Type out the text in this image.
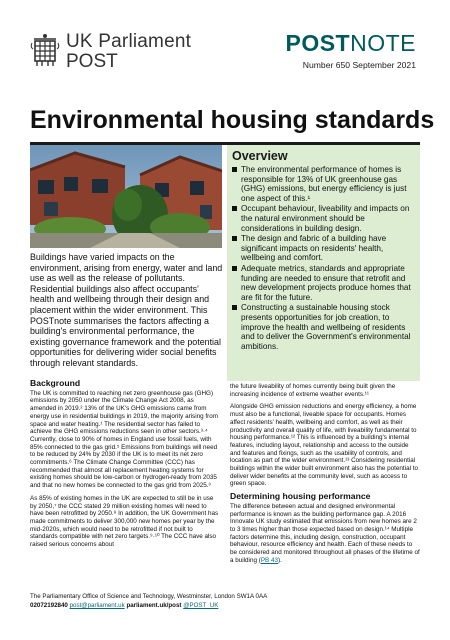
UK Parliament
POST
POSTNOTE
Number 650 September 2021
Environmental housing standards
Overview
The environmental performance of homes is responsible for 13% of UK greenhouse gas (GHG) emissions, but energy efficiency is just one aspect of this.¹
Occupant behaviour, liveability and impacts on the natural environment should be considerations in building design.
The design and fabric of a building have significant impacts on residents' health, wellbeing and comfort.
Adequate metrics, standards and appropriate funding are needed to ensure that retrofit and new development projects produce homes that are fit for the future.
Constructing a sustainable housing stock presents opportunities for job creation, to improve the health and wellbeing of residents and to deliver the Government's environmental ambitions.

Buildings have varied impacts on the environment, arising from energy, water and land use as well as the release of pollutants. Residential buildings also affect occupants' health and wellbeing through their design and placement within the wider environment. This POSTnote summarises the factors affecting a building's environmental performance, the existing governance framework and the potential opportunities for delivering wider social benefits through relevant standards.

Background

The UK is committed to reaching net zero greenhouse gas (GHG) emissions by 2050 under the Climate Change Act 2008, as amended in 2019.² 13% of the UK's GHG emissions came from energy use in residential buildings in 2019, the majority arising from space and water heating.¹ The residential sector has failed to achieve the GHG emissions reductions seen in other sectors.³·⁴ Currently, close to 90% of homes in England use fossil fuels, with 85% connected to the gas grid.⁵ Emissions from buildings will need to be reduced by 24% by 2030 if the UK is to meet its net zero commitments.⁶ The Climate Change Committee (CCC) has recommended that almost all replacement heating systems for existing homes should be low-carbon or hydrogen-ready from 2035 and that no new homes be connected to the gas grid from 2025.³

As 85% of existing homes in the UK are expected to still be in use by 2050,⁷ the CCC stated 29 million existing homes will need to have been retrofitted by 2050.⁸ In addition, the UK Government has made commitments to deliver 300,000 new homes per year by the mid-2020s, which would need to be retrofitted if not built to standards compatible with net zero targets.⁹·¹⁰ The CCC have also raised serious concerns about

the future liveability of homes currently being built given the increasing incidence of extreme weather events.¹¹

Alongside GHG emission reductions and energy efficiency, a home must also be a functional, liveable space for occupants. Homes affect residents' health, wellbeing and comfort, as well as their productivity and overall quality of life, with liveability fundamental to housing performance.¹² This is influenced by a building's internal features, including layout, relationship and access to the outside and features and fixings, such as the usability of controls, and location as part of the wider environment.¹³ Considering residential buildings within the wider built environment also has the potential to deliver wider benefits at the community level, such as access to green space.

Determining housing performance

The difference between actual and designed environmental performance is known as the building performance gap. A 2016 Innovate UK study estimated that emissions from new homes are 2 to 3 times higher than those expected based on design.¹⁴ Multiple factors determine this, including design, construction, occupant behaviour, resource efficiency and health. Each of these needs to be considered and monitored throughout all phases of the lifetime of a building (PB 43).

The Parliamentary Office of Science and Technology, Westminster, London SW1A 0AA
02072192840 post@parliament.uk parliament.uk/post @POST_UK
